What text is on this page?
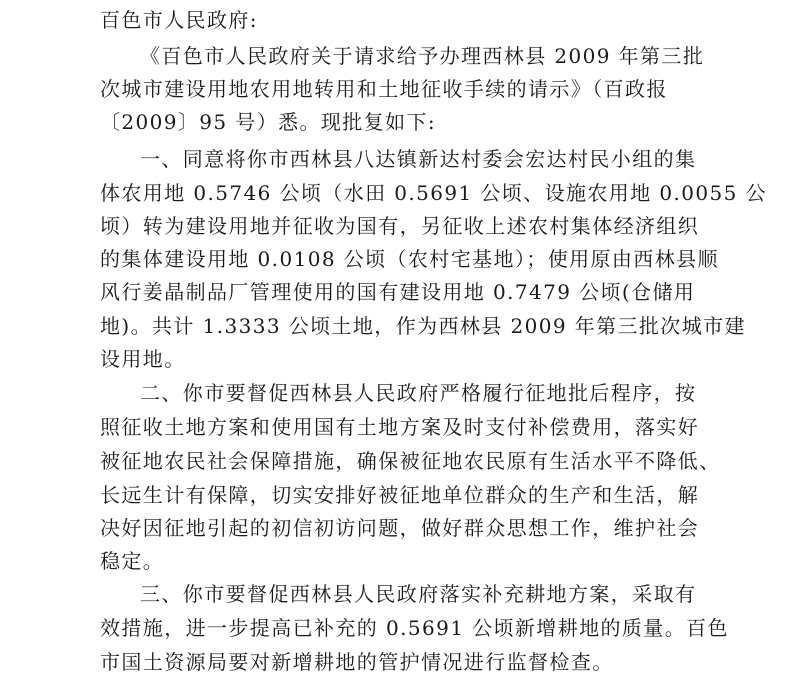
百色市人民政府:

《百色市人民政府关于请求给予办理西林县 2009 年第三批

次城市建设用地农用地转用和土地征收手续的请示》（百政报

〔2009〕95 号）悉。现批复如下:

一、同意将你市西林县八达镇新达村委会宏达村民小组的集

体农用地 0.5746 公顷（水田 0.5691 公顷、设施农用地 0.0055 公

顷）转为建设用地并征收为国有，另征收上述农村集体经济组织

的集体建设用地 0.0108 公顷（农村宅基地）；使用原由西林县顺

风行姜晶制品厂管理使用的国有建设用地 0.7479 公顷(仓储用

地)。共计 1.3333 公顷土地，作为西林县 2009 年第三批次城市建

设用地。

二、你市要督促西林县人民政府严格履行征地批后程序，按

照征收土地方案和使用国有土地方案及时支付补偿费用，落实好

被征地农民社会保障措施，确保被征地农民原有生活水平不降低、

长远生计有保障，切实安排好被征地单位群众的生产和生活，解

决好因征地引起的初信初访问题，做好群众思想工作，维护社会

稳定。

三、你市要督促西林县人民政府落实补充耕地方案，采取有

效措施，进一步提高已补充的 0.5691 公顷新增耕地的质量。百色

市国土资源局要对新增耕地的管护情况进行监督检查。
